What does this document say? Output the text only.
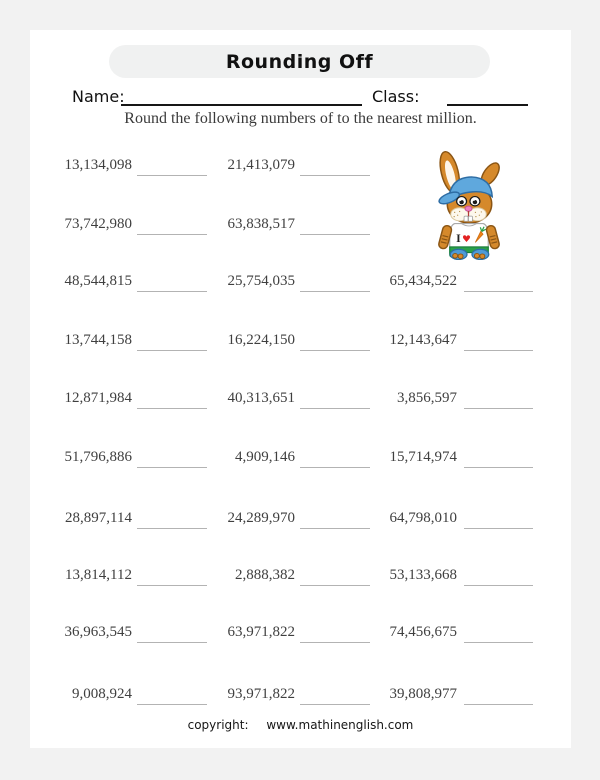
Rounding Off
Name:	Class:
Round the following numbers of to the nearest million.
13,134,098	21,413,079
73,742,980	63,838,517
48,544,815	25,754,035	65,434,522
13,744,158	16,224,150	12,143,647
12,871,984	40,313,651	3,856,597
51,796,886	4,909,146	15,714,974
28,897,114	24,289,970	64,798,010
13,814,112	2,888,382	53,133,668
36,963,545	63,971,822	74,456,675
9,008,924	93,971,822	39,808,977
I ♥
copyright: www.mathinenglish.com
